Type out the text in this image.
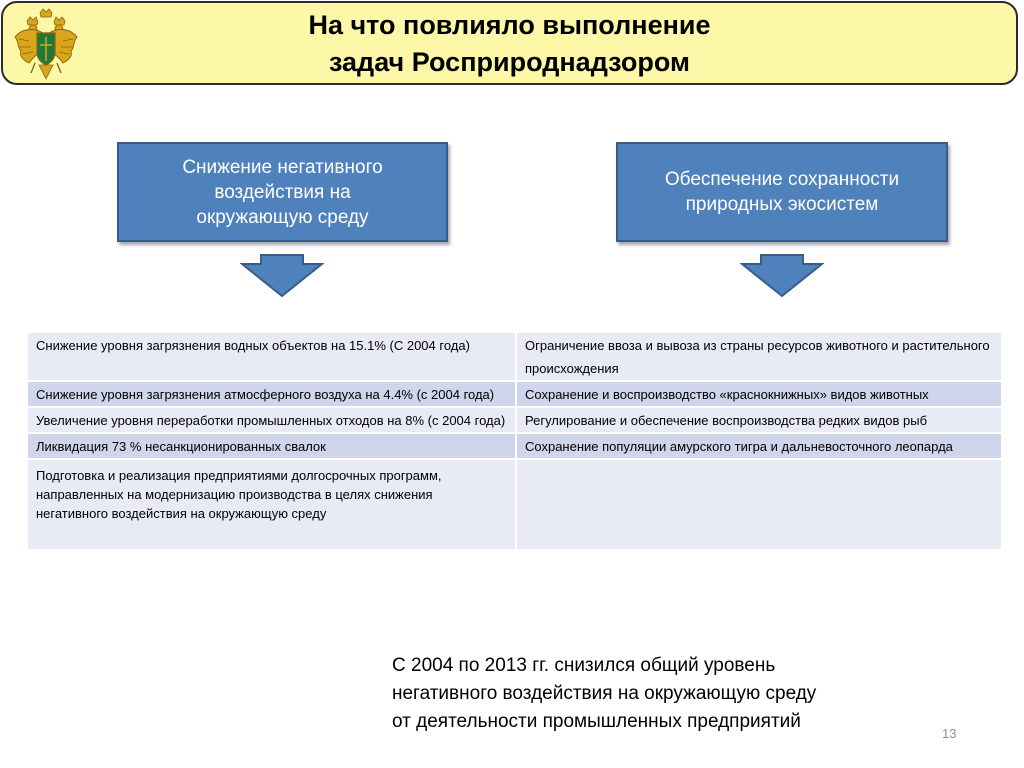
На что повлияло выполнение
задач Росприроднадзором
Снижение негативного
воздействия на
окружающую среду
Обеспечение сохранности
природных экосистем
Снижение уровня загрязнения водных объектов на 15.1% (С 2004 года)	Ограничение ввоза и вывоза из страны ресурсов животного и растительного происхождения
Снижение уровня загрязнения атмосферного воздуха на 4.4% (с 2004 года)	Сохранение и воспроизводство «краснокнижных» видов животных
Увеличение уровня переработки промышленных отходов на 8% (с 2004 года)	Регулирование и обеспечение воспроизводства редких видов рыб
Ликвидация 73 % несанкционированных свалок	Сохранение популяции амурского тигра и дальневосточного леопарда
Подготовка и реализация предприятиями долгосрочных программ, направленных на модернизацию производства в целях снижения негативного воздействия на окружающую среду	
С 2004 по 2013 гг. снизился общий уровень
негативного воздействия на окружающую среду
от деятельности промышленных предприятий
13
